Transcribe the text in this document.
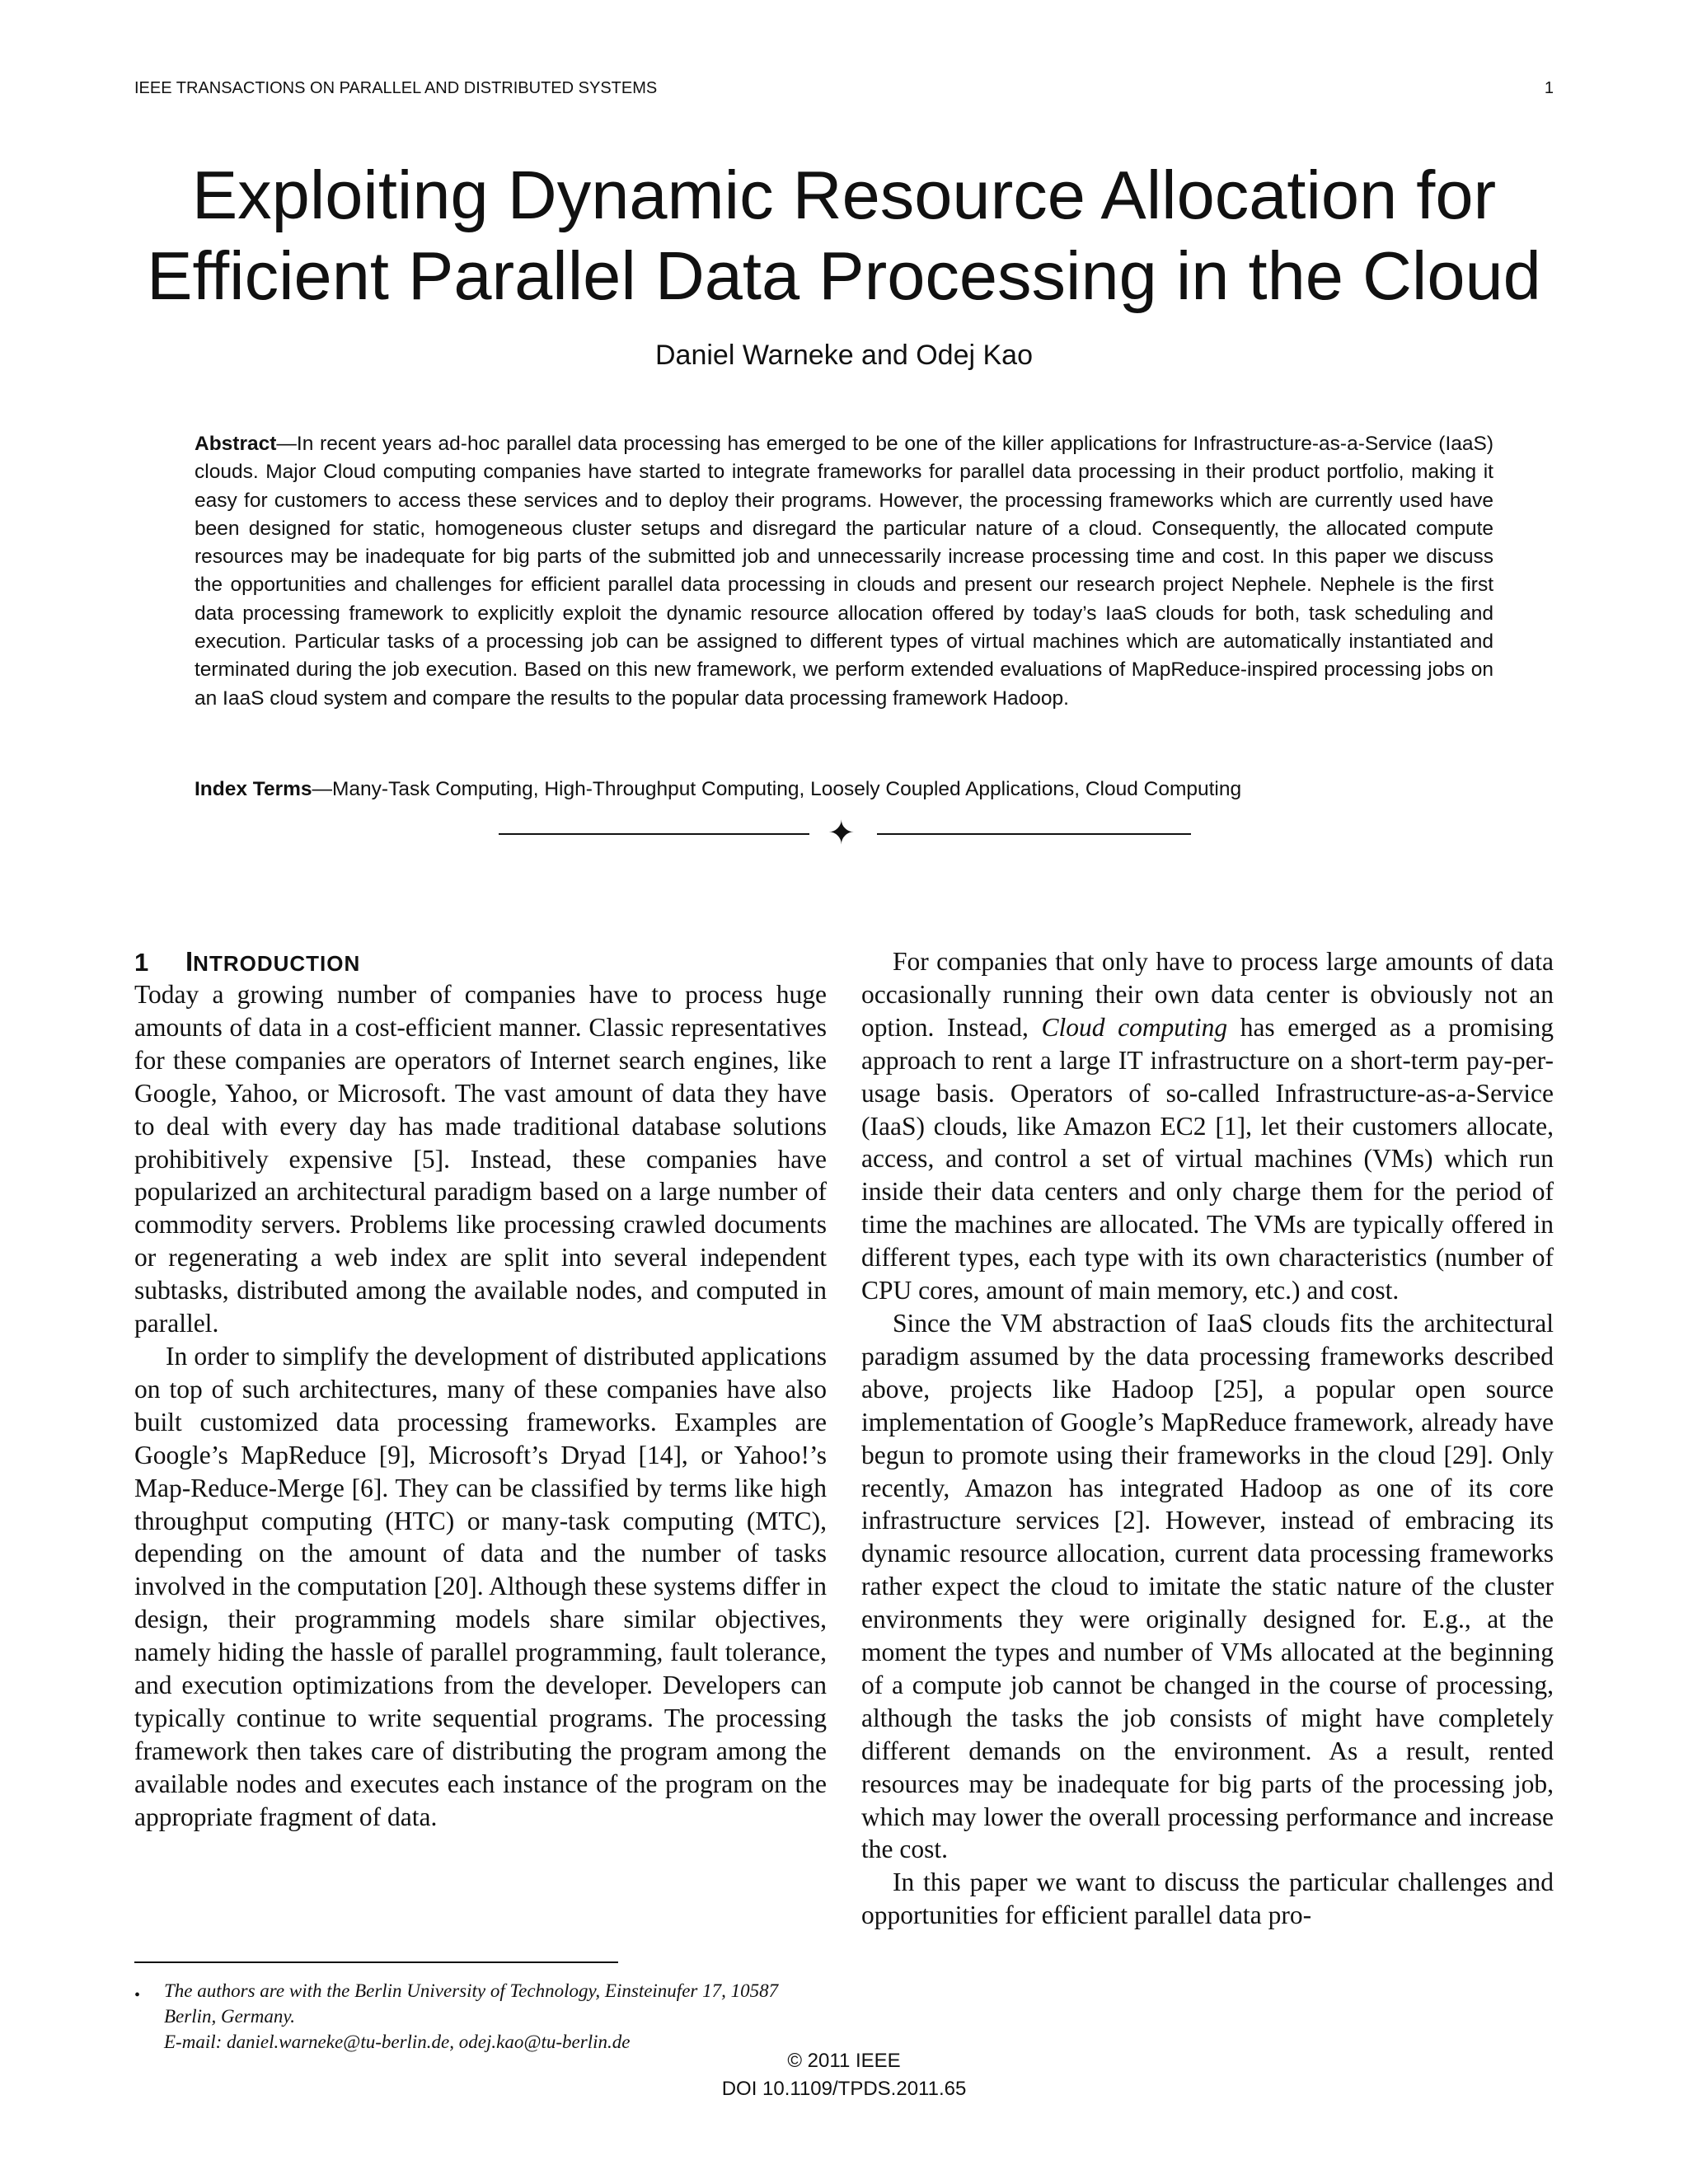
IEEE TRANSACTIONS ON PARALLEL AND DISTRIBUTED SYSTEMS	1
Exploiting Dynamic Resource Allocation for
Efficient Parallel Data Processing in the Cloud
Daniel Warneke and Odej Kao

Abstract—In recent years ad-hoc parallel data processing has emerged to be one of the killer applications for Infrastructure-as-a-Service (IaaS) clouds. Major Cloud computing companies have started to integrate frameworks for parallel data processing in their product portfolio, making it easy for customers to access these services and to deploy their programs. However, the processing frameworks which are currently used have been designed for static, homogeneous cluster setups and disregard the particular nature of a cloud. Consequently, the allocated compute resources may be inadequate for big parts of the submitted job and unnecessarily increase processing time and cost. In this paper we discuss the opportunities and challenges for efficient parallel data processing in clouds and present our research project Nephele. Nephele is the first data processing framework to explicitly exploit the dynamic resource allocation offered by today’s IaaS clouds for both, task scheduling and execution. Particular tasks of a processing job can be assigned to different types of virtual machines which are automatically instantiated and terminated during the job execution. Based on this new framework, we perform extended evaluations of MapReduce-inspired processing jobs on an IaaS cloud system and compare the results to the popular data processing framework Hadoop.

Index Terms—Many-Task Computing, High-Throughput Computing, Loosely Coupled Applications, Cloud Computing

✦
1 INTRODUCTION

Today a growing number of companies have to process huge amounts of data in a cost-efficient manner. Classic representatives for these companies are operators of Internet search engines, like Google, Yahoo, or Microsoft. The vast amount of data they have to deal with every day has made traditional database solutions prohibitively expensive [5]. Instead, these companies have popularized an architectural paradigm based on a large number of commodity servers. Problems like processing crawled documents or regenerating a web index are split into several independent subtasks, distributed among the available nodes, and computed in parallel.

In order to simplify the development of distributed applications on top of such architectures, many of these companies have also built customized data processing frameworks. Examples are Google’s MapReduce [9], Microsoft’s Dryad [14], or Yahoo!’s Map-Reduce-Merge [6]. They can be classified by terms like high throughput computing (HTC) or many-task computing (MTC), depending on the amount of data and the number of tasks involved in the computation [20]. Although these systems differ in design, their programming models share similar objectives, namely hiding the hassle of parallel programming, fault tolerance, and execution optimizations from the developer. Developers can typically continue to write sequential programs. The processing framework then takes care of distributing the program among the available nodes and executes each instance of the program on the appropriate fragment of data.

For companies that only have to process large amounts of data occasionally running their own data center is obviously not an option. Instead, Cloud computing has emerged as a promising approach to rent a large IT infrastructure on a short-term pay-per-usage basis. Operators of so-called Infrastructure-as-a-Service (IaaS) clouds, like Amazon EC2 [1], let their customers allocate, access, and control a set of virtual machines (VMs) which run inside their data centers and only charge them for the period of time the machines are allocated. The VMs are typically offered in different types, each type with its own characteristics (number of CPU cores, amount of main memory, etc.) and cost.

Since the VM abstraction of IaaS clouds fits the architectural paradigm assumed by the data processing frameworks described above, projects like Hadoop [25], a popular open source implementation of Google’s MapReduce framework, already have begun to promote using their frameworks in the cloud [29]. Only recently, Amazon has integrated Hadoop as one of its core infrastructure services [2]. However, instead of embracing its dynamic resource allocation, current data processing frameworks rather expect the cloud to imitate the static nature of the cluster environments they were originally designed for. E.g., at the moment the types and number of VMs allocated at the beginning of a compute job cannot be changed in the course of processing, although the tasks the job consists of might have completely different demands on the environment. As a result, rented resources may be inadequate for big parts of the processing job, which may lower the overall processing performance and increase the cost.

In this paper we want to discuss the particular challenges and opportunities for efficient parallel data pro-

• The authors are with the Berlin University of Technology, Einsteinufer 17, 10587 Berlin, Germany.
E-mail: daniel.warneke@tu-berlin.de, odej.kao@tu-berlin.de
© 2011 IEEE
DOI 10.1109/TPDS.2011.65
